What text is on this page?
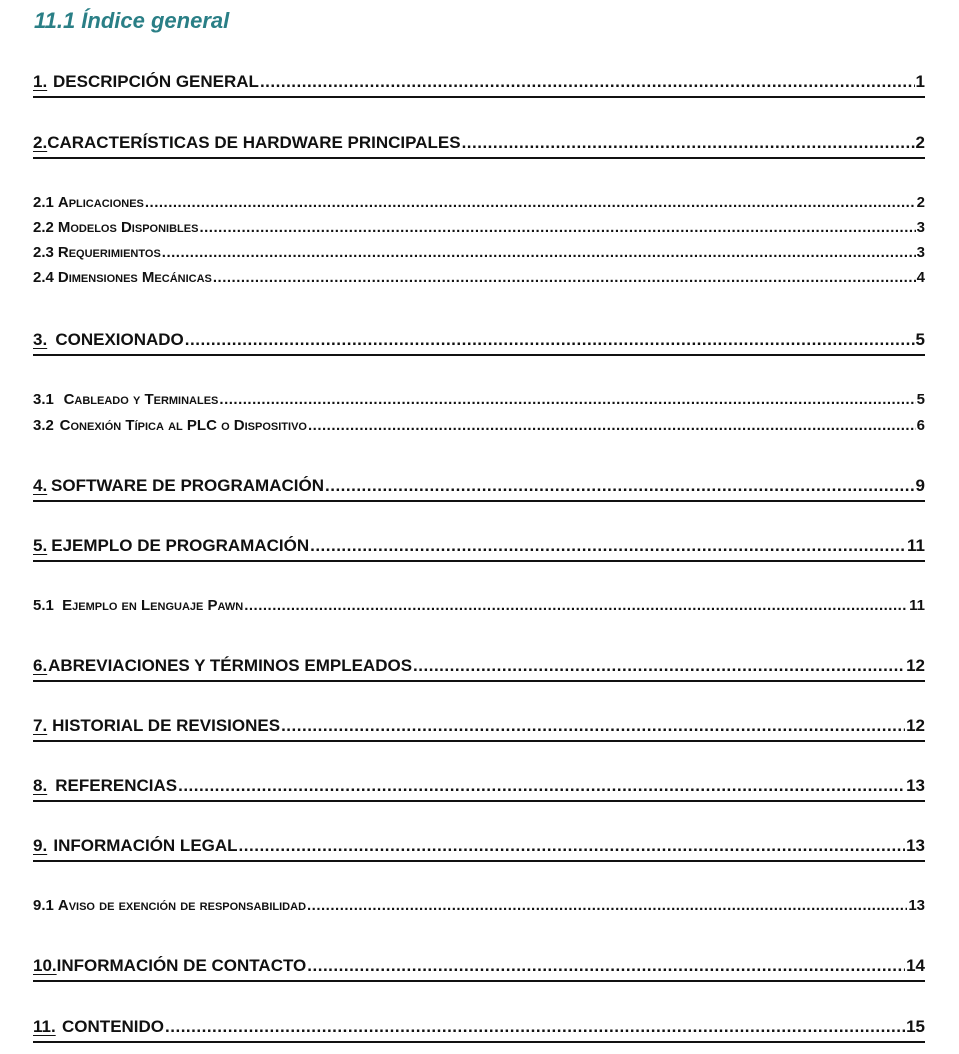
11.1 Índice general
1. DESCRIPCIÓN GENERAL .....	1
2. CARACTERÍSTICAS DE HARDWARE PRINCIPALES .....	2
2.1 Aplicaciones .....	2
2.2 Modelos Disponibles .....	3
2.3 Requerimientos .....	3
2.4 Dimensiones Mecánicas .....	4
3. CONEXIONADO .....	5
3.1 Cableado y Terminales .....	5
3.2 Conexión Típica al PLC o Dispositivo .....	6
4. SOFTWARE DE PROGRAMACIÓN .....	9
5. EJEMPLO DE PROGRAMACIÓN .....	11
5.1 Ejemplo en Lenguaje Pawn .....	11
6. ABREVIACIONES Y TÉRMINOS EMPLEADOS .....	12
7. HISTORIAL DE REVISIONES .....	12
8. REFERENCIAS .....	13
9. INFORMACIÓN LEGAL .....	13
9.1 Aviso de exención de responsabilidad .....	13
10. INFORMACIÓN DE CONTACTO .....	14
11. CONTENIDO .....	15
